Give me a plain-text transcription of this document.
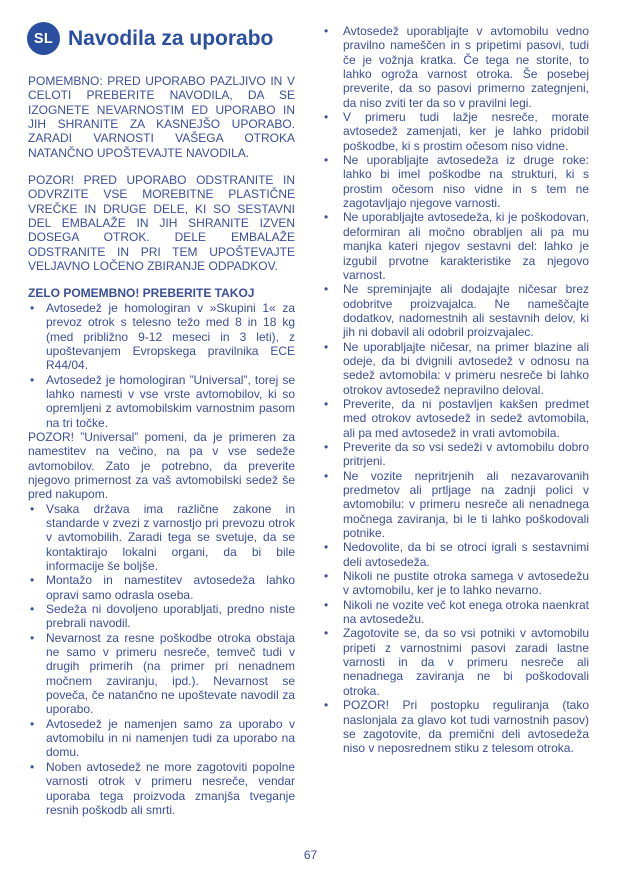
SL Navodila za uporabo

POMEMBNO: PRED UPORABO PAZLJIVO IN V CELOTI PREBERITE NAVODILA, DA SE IZOGNETE NEVARNOSTIM ED UPORABO IN JIH SHRANITE ZA KASNEJŠO UPORABO. ZARADI VARNOSTI VAŠEGA OTROKA NATANČNO UPOŠTEVAJTE NAVODILA.

POZOR! PRED UPORABO ODSTRANITE IN ODVRZITE VSE MOREBITNE PLASTIČNE VREČKE IN DRUGE DELE, KI SO SESTAVNI DEL EMBALAŽE IN JIH SHRANITE IZVEN DOSEGA OTROK. DELE EMBALAŽE ODSTRANITE IN PRI TEM UPOŠTEVAJTE VELJAVNO LOČENO ZBIRANJE ODPADKOV.

ZELO POMEMBNO! PREBERITE TAKOJ

• Avtosedež je homologiran v »Skupini 1« za prevoz otrok s telesno težo med 8 in 18 kg (med približno 9-12 meseci in 3 leti), z upoštevanjem Evropskega pravilnika ECE R44/04.
• Avtosedež je homologiran ”Universal”, torej se lahko namesti v vse vrste avtomobilov, ki so opremljeni z avtomobilskim varnostnim pasom na tri točke.

POZOR! ”Universal” pomeni, da je primeren za namestitev na večino, na pa v vse sedeže avtomobilov. Zato je potrebno, da preverite njegovo primernost za vaš avtomobilski sedež še pred nakupom.

• Vsaka država ima različne zakone in standarde v zvezi z varnostjo pri prevozu otrok v avtomobilih. Zaradi tega se svetuje, da se kontaktirajo lokalni organi, da bi bile informacije še boljše.
• Montažo in namestitev avtosedeža lahko opravi samo odrasla oseba.
• Sedeža ni dovoljeno uporabljati, predno niste prebrali navodil.
• Nevarnost za resne poškodbe otroka obstaja ne samo v primeru nesreče, temveč tudi v drugih primerih (na primer pri nenadnem močnem zaviranju, ipd.). Nevarnost se poveča, če natančno ne upoštevate navodil za uporabo.
• Avtosedež je namenjen samo za uporabo v avtomobilu in ni namenjen tudi za uporabo na domu.
• Noben avtosedež ne more zagotoviti popolne varnosti otrok v primeru nesreče, vendar uporaba tega proizvoda zmanjša tveganje resnih poškodb ali smrti.
• Avtosedež uporabljajte v avtomobilu vedno pravilno nameščen in s pripetimi pasovi, tudi če je vožnja kratka. Če tega ne storite, to lahko ogroža varnost otroka. Še posebej preverite, da so pasovi primerno zategnjeni, da niso zviti ter da so v pravilni legi.
• V primeru tudi lažje nesreče, morate avtosedež zamenjati, ker je lahko pridobil poškodbe, ki s prostim očesom niso vidne.
• Ne uporabljajte avtosedeža iz druge roke: lahko bi imel poškodbe na strukturi, ki s prostim očesom niso vidne in s tem ne zagotavljajo njegove varnosti.
• Ne uporabljajte avtosedeža, ki je poškodovan, deformiran ali močno obrabljen ali pa mu manjka kateri njegov sestavni del: lahko je izgubil prvotne karakteristike za njegovo varnost.
• Ne spreminjajte ali dodajajte ničesar brez odobritve proizvajalca. Ne nameščajte dodatkov, nadomestnih ali sestavnih delov, ki jih ni dobavil ali odobril proizvajalec.
• Ne uporabljajte ničesar, na primer blazine ali odeje, da bi dvignili avtosedež v odnosu na sedež avtomobila: v primeru nesreče bi lahko otrokov avtosedež nepravilno deloval.
• Preverite, da ni postavljen kakšen predmet med otrokov avtosedež in sedež avtomobila, ali pa med avtosedež in vrati avtomobila.
• Preverite da so vsi sedeži v avtomobilu dobro pritrjeni.
• Ne vozite nepritrjenih ali nezavarovanih predmetov ali prtljage na zadnji polici v avtomobilu: v primeru nesreče ali nenadnega močnega zaviranja, bi le ti lahko poškodovali potnike.
• Nedovolite, da bi se otroci igrali s sestavnimi deli avtosedeža.
• Nikoli ne pustite otroka samega v avtosedežu v avtomobilu, ker je to lahko nevarno.
• Nikoli ne vozite več kot enega otroka naenkrat na avtosedežu.
• Zagotovite se, da so vsi potniki v avtomobilu pripeti z varnostnimi pasovi zaradi lastne varnosti in da v primeru nesreče ali nenadnega zaviranja ne bi poškodovali otroka.
• POZOR! Pri postopku reguliranja (tako naslonjala za glavo kot tudi varnostnih pasov) se zagotovite, da premični deli avtosedeža niso v neposrednem stiku z telesom otroka.
67
